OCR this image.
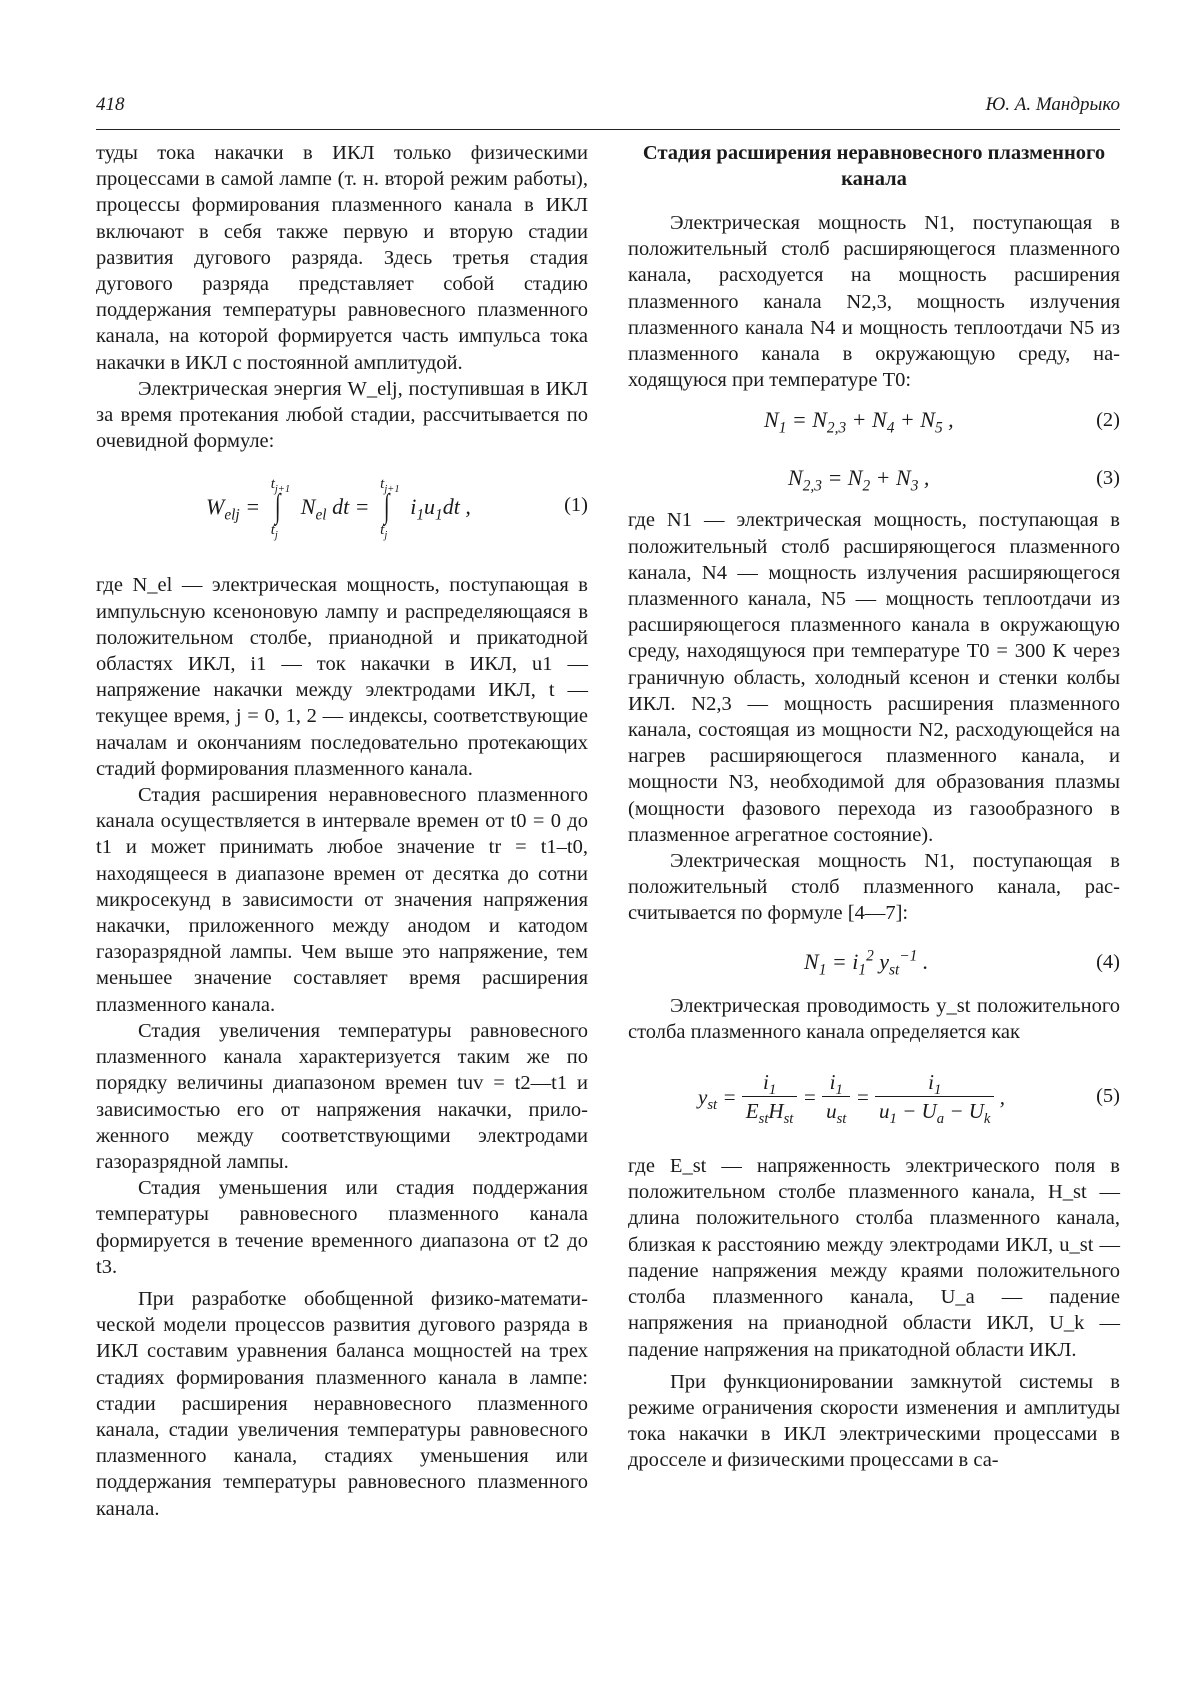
418	Ю. А. Мандрыко

туды тока накачки в ИКЛ только физическими процессами в самой лампе (т. н. второй режим работы), процессы формирования плазменного канала в ИКЛ включают в себя также первую и вторую стадии развития дугового разряда. Здесь третья стадия дугового разряда представляет собой стадию поддержания температуры равновесного плазменного канала, на которой формируется часть импульса тока накачки в ИКЛ с постоянной амплитудой.

Электрическая энергия W_elj, поступившая в ИКЛ за время протекания любой стадии, рассчитывается по очевидной формуле:

$W_{elj}$ =
$t_{j+1}$
∫
$t_j$
$N_{el}$ dt =
$t_{j+1}$
∫
$t_j$
$i_1u_1dt$ ,	(1)

где N_el — электрическая мощность, поступающая в импульсную ксеноновую лампу и распределяющаяся в положительном столбе, прианодной и прикатодной областях ИКЛ, i1 — ток накачки в ИКЛ, u1 — напряжение накачки между электродами ИКЛ, t — текущее время, j = 0, 1, 2 — индексы, соответствующие началам и окончаниям последовательно протекающих стадий формирования плазменного канала.

Стадия расширения неравновесного плазменного канала осуществляется в интервале времен от t0 = 0 до t1 и может принимать любое значение tr = t1–t0, находящееся в диапазоне времен от десятка до сотни микросекунд в зависимости от значения напряжения накачки, приложенного между анодом и катодом газоразрядной лампы. Чем выше это напряжение, тем меньшее значение составляет время расширения плазменного канала.

Стадия увеличения температуры равновесного плазменного канала характеризуется таким же по порядку величины диапазоном времен tuv = t2—t1 и зависимостью его от напряжения накачки, приложенного между соответствующими электродами газоразрядной лампы.

Стадия уменьшения или стадия поддержания температуры равновесного плазменного канала формируется в течение временного диапазона от t2 до t3.

При разработке обобщенной физико-математической модели процессов развития дугового разряда в ИКЛ составим уравнения баланса мощностей на трех стадиях формирования плазменного канала в лампе: стадии расширения неравновесного плазменного канала, стадии увеличения температуры равновесного плазменного канала, стадиях уменьшения или поддержания температуры равновесного плазменного канала.

Стадия расширения неравновесного плазменного канала

Электрическая мощность N1, поступающая в положительный столб расширяющегося плазменного канала, расходуется на мощность расширения плазменного канала N2,3, мощность излучения плазменного канала N4 и мощность теплоотдачи N5 из плазменного канала в окружающую среду, находящуюся при температуре T0:

$N_1 = N_{2,3} + N_4 + N_5$ ,	(2)
$N_{2,3} = N_2 + N_3$ ,	(3)

где N1 — электрическая мощность, поступающая в положительный столб расширяющегося плазменного канала, N4 — мощность излучения расширяющегося плазменного канала, N5 — мощность теплоотдачи из расширяющегося плазменного канала в окружающую среду, находящуюся при температуре T0 = 300 К через граничную область, холодный ксенон и стенки колбы ИКЛ. N2,3 — мощность расширения плазменного канала, состоящая из мощности N2, расходующейся на нагрев расширяющегося плазменного канала, и мощности N3, необходимой для образования плазмы (мощности фазового перехода из газообразного в плазменное агрегатное состояние).

Электрическая мощность N1, поступающая в положительный столб плазменного канала, рассчитывается по формуле [4—7]:

$N_1 = i_1^2$ $y_{st}^{-1}$ .	(4)

Электрическая проводимость y_st положительного столба плазменного канала определяется как

$y_{st} = \frac{i_1}{E_{st}H_{st}} = \frac{i_1}{u_{st}} = \frac{i_1}{u_1 - U_a - U_k}$ ,	(5)

где E_st — напряженность электрического поля в положительном столбе плазменного канала, H_st — длина положительного столба плазменного канала, близкая к расстоянию между электродами ИКЛ, u_st — падение напряжения между краями положительного столба плазменного канала, U_a — падение напряжения на прианодной области ИКЛ, U_k — падение напряжения на прикатодной области ИКЛ.

При функционировании замкнутой системы в режиме ограничения скорости изменения и амплитуды тока накачки в ИКЛ электрическими процессами в дросселе и физическими процессами в са-
